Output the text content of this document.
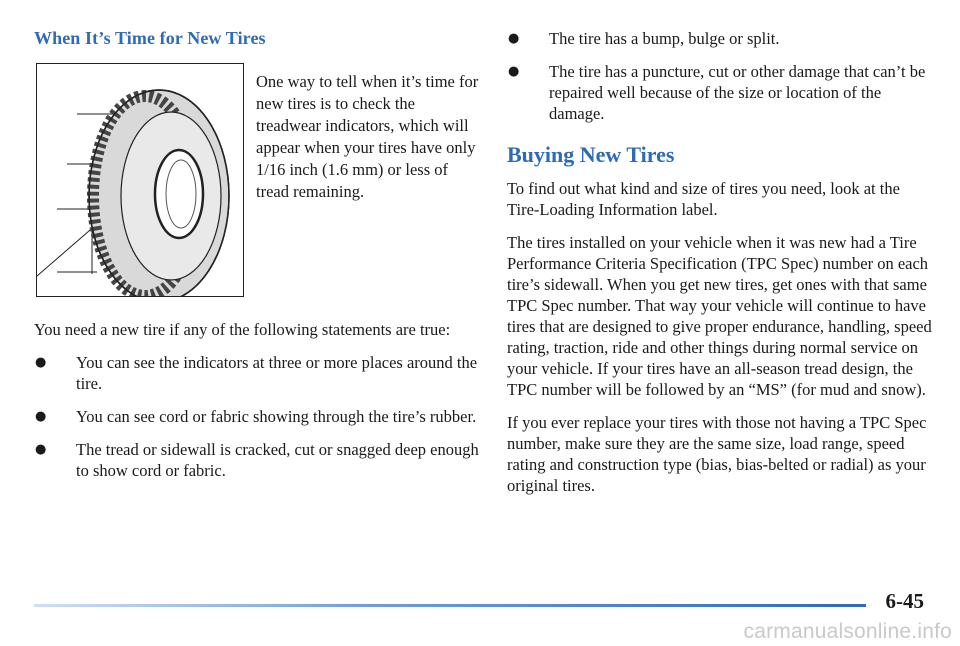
When It’s Time for New Tires
One way to tell when it’s time for new tires is to check the treadwear indicators, which will appear when your tires have only 1/16 inch (1.6 mm) or less of tread remaining.

You need a new tire if any of the following statements are true:

● You can see the indicators at three or more places around the tire.
● You can see cord or fabric showing through the tire’s rubber.
● The tread or sidewall is cracked, cut or snagged deep enough to show cord or fabric.
● The tire has a bump, bulge or split.
● The tire has a puncture, cut or other damage that can’t be repaired well because of the size or location of the damage.
Buying New Tires

To find out what kind and size of tires you need, look at the Tire-Loading Information label.

The tires installed on your vehicle when it was new had a Tire Performance Criteria Specification (TPC Spec) number on each tire’s sidewall. When you get new tires, get ones with that same TPC Spec number. That way your vehicle will continue to have tires that are designed to give proper endurance, handling, speed rating, traction, ride and other things during normal service on your vehicle. If your tires have an all-season tread design, the TPC number will be followed by an “MS” (for mud and snow).

If you ever replace your tires with those not having a TPC Spec number, make sure they are the same size, load range, speed rating and construction type (bias, bias-belted or radial) as your original tires.

6-45
carmanualsonline.info
